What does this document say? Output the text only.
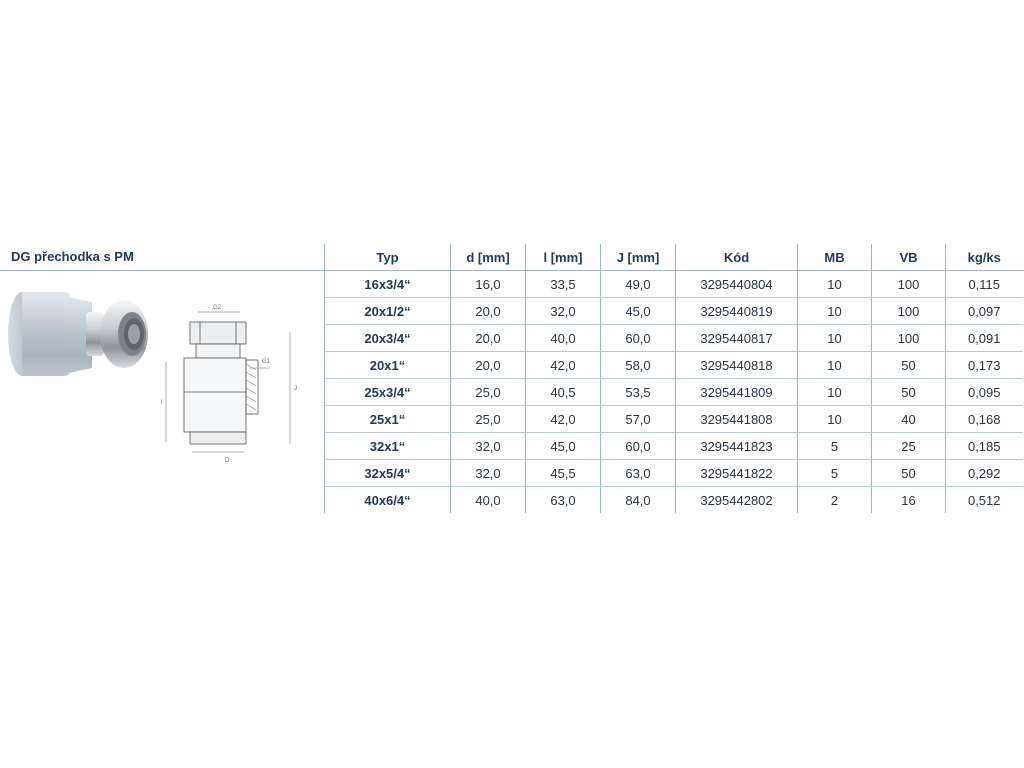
DG přechodka s PM
G2
G1
l
J
D
Typ	d [mm]	l [mm]	J [mm]	Kód	MB	VB	kg/ks
16x3/4“	16,0	33,5	49,0	3295440804	10	100	0,115
20x1/2“	20,0	32,0	45,0	3295440819	10	100	0,097
20x3/4“	20,0	40,0	60,0	3295440817	10	100	0,091
20x1“	20,0	42,0	58,0	3295440818	10	50	0,173
25x3/4“	25,0	40,5	53,5	3295441809	10	50	0,095
25x1“	25,0	42,0	57,0	3295441808	10	40	0,168
32x1“	32,0	45,0	60,0	3295441823	5	25	0,185
32x5/4“	32,0	45,5	63,0	3295441822	5	50	0,292
40x6/4“	40,0	63,0	84,0	3295442802	2	16	0,512
